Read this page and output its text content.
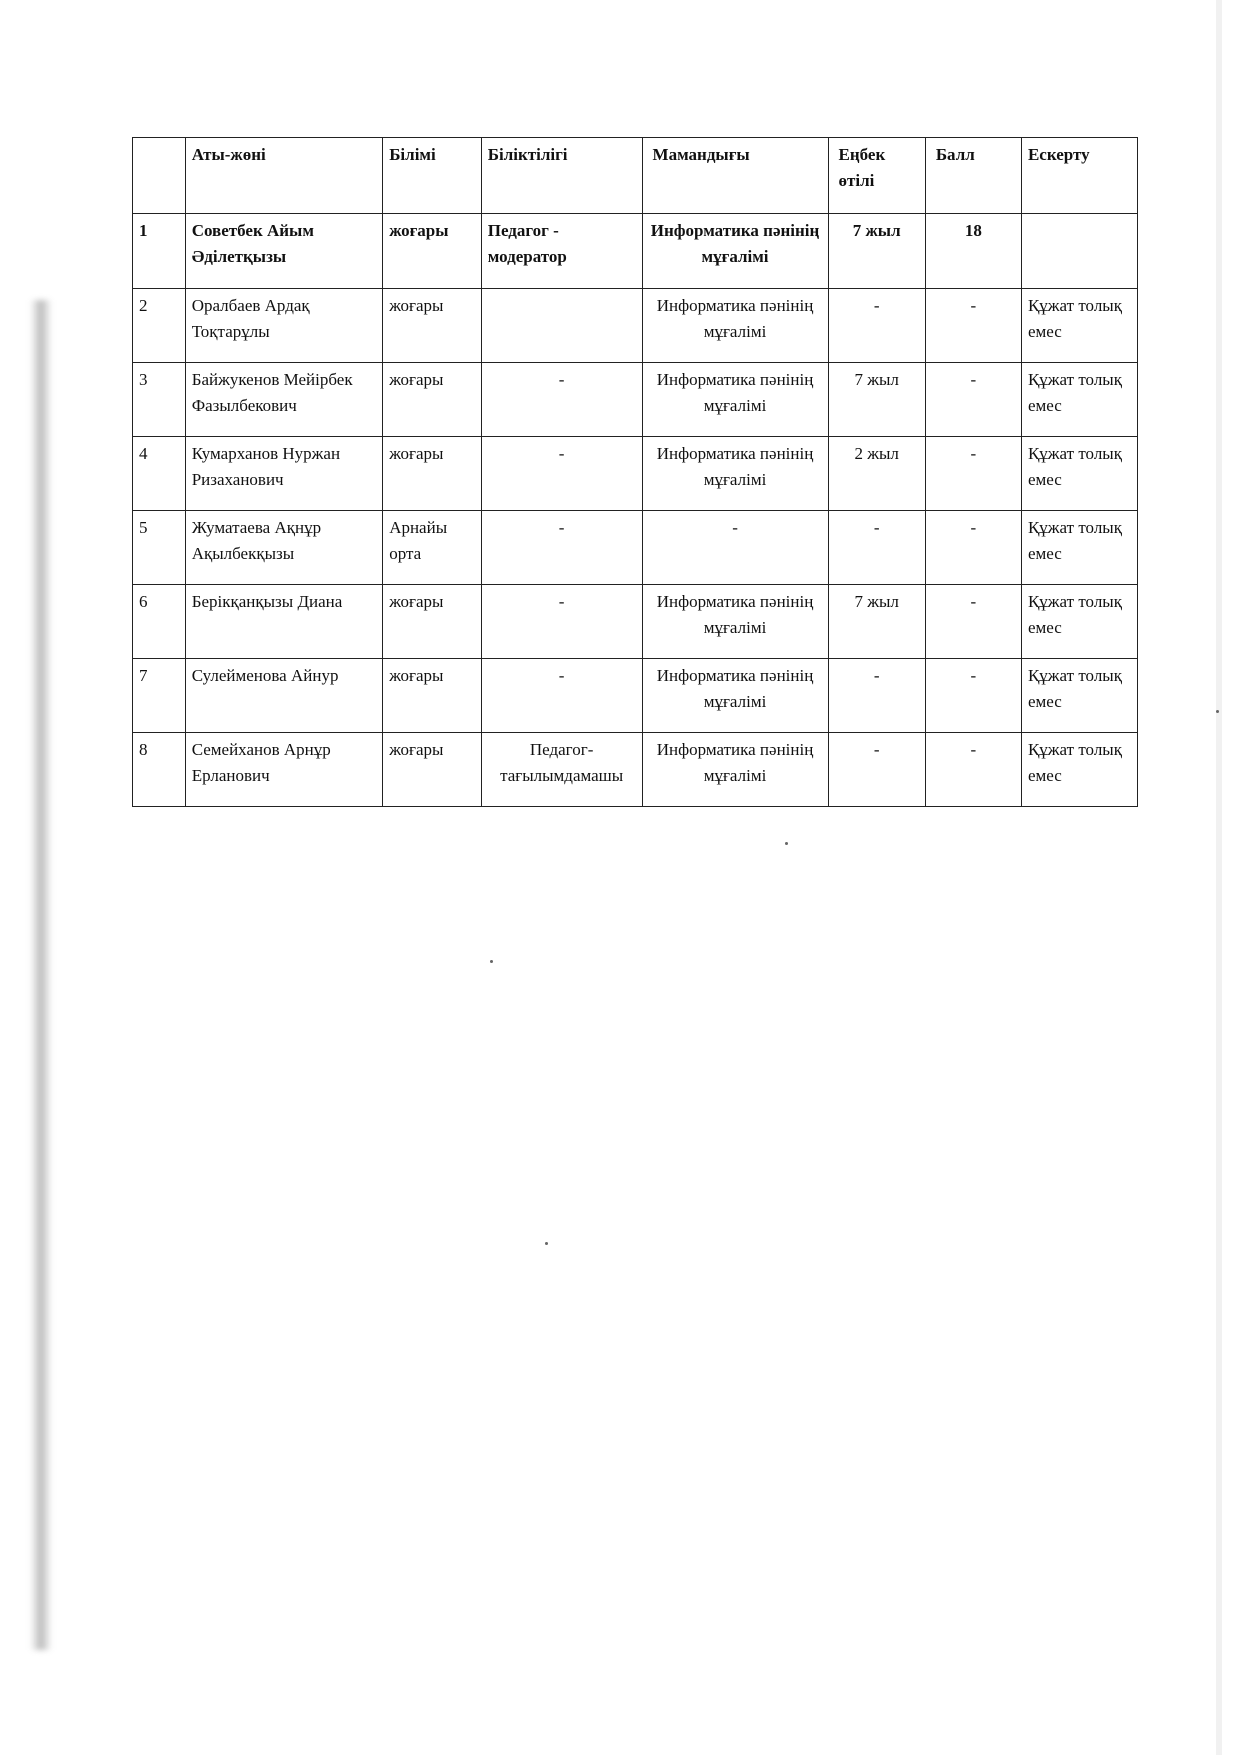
	Аты-жөні	Білімі	Біліктілігі	Мамандығы	Еңбек өтілі	Балл	Ескерту
1	Советбек Айым Әділетқызы	жоғары	Педагог - модератор	Информатика пәнінің мұғалімі	7 жыл	18	
2	Оралбаев Ардақ Тоқтарұлы	жоғары		Информатика пәнінің мұғалімі	-	-	Құжат толық емес
3	Байжукенов Мейірбек Фазылбекович	жоғары	-	Информатика пәнінің мұғалімі	7 жыл	-	Құжат толық емес
4	Кумарханов Нуржан Ризаханович	жоғары	-	Информатика пәнінің мұғалімі	2 жыл	-	Құжат толық емес
5	Жуматаева Ақнұр Ақылбекқызы	Арнайы орта	-	-	-	-	Құжат толық емес
6	Берікқанқызы Диана	жоғары	-	Информатика пәнінің мұғалімі	7 жыл	-	Құжат толық емес
7	Сулейменова Айнур	жоғары	-	Информатика пәнінің мұғалімі	-	-	Құжат толық емес
8	Семейханов Арнұр Ерланович	жоғары	Педагог-тағылымдамашы	Информатика пәнінің мұғалімі	-	-	Құжат толық емес
